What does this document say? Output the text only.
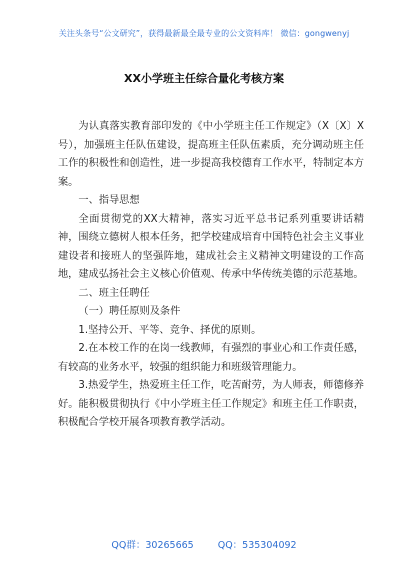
关注头条号“公文研究”，获得最新最全最专业的公文资料库！ 微信：gongwenyj
XX小学班主任综合量化考核方案

为认真落实教育部印发的《中小学班主任工作规定》（X〔X〕X号），加强班主任队伍建设，提高班主任队伍素质，充分调动班主任工作的积极性和创造性，进一步提高我校德育工作水平，特制定本方案。

一、指导思想

全面贯彻党的XX大精神，落实习近平总书记系列重要讲话精神，围绕立德树人根本任务，把学校建成培育中国特色社会主义事业建设者和接班人的坚强阵地，建成社会主义精神文明建设的工作高地，建成弘扬社会主义核心价值观、传承中华传统美德的示范基地。

二、班主任聘任

（一）聘任原则及条件

1.坚持公开、平等、竞争、择优的原则。

2.在本校工作的在岗一线教师，有强烈的事业心和工作责任感，有较高的业务水平，较强的组织能力和班级管理能力。

3.热爱学生，热爱班主任工作，吃苦耐劳，为人师表，师德修养好。能积极贯彻执行《中小学班主任工作规定》和班主任工作职责，积极配合学校开展各项教育教学活动。

QQ群：30265665	QQ：535304092
